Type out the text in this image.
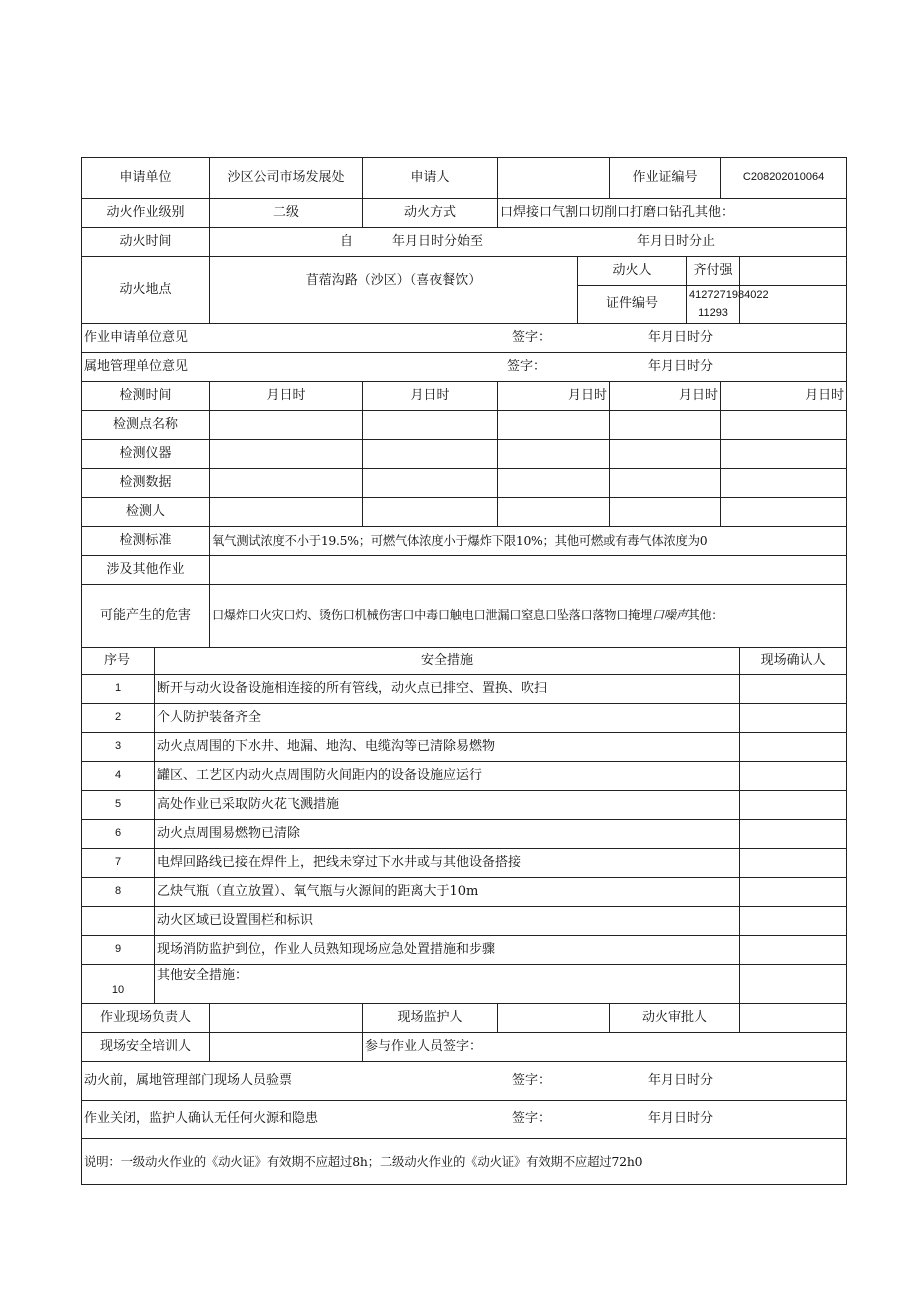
申请单位		沙区公司市场发展处	申请人			作业证编号		C208202010064	
动火作业级别		二级	动火方式	口焊接口气割口切削口打磨口钻孔其他：					
动火时间		自 年月日时分始至 年月日时分止							

动火地点		苜蓿沟路（沙区）（喜夜餐饮）			动火人		齐付强		
					证件编号		4127271984022
11293		

作业申请单位意见 签字： 年月日时分									

属地管理单位意见 签字： 年月日时分									

检测时间		月日时	月日时	月日时		月日时		月日时	
检测点名称									
检测仪器									
检测数据									
检测人									
检测标准		氧气测试浓度不小于19.5%；可燃气体浓度小于爆炸下限10%；其他可燃或有毒气体浓度为0							
涉及其他作业									
可能产生的危害		口爆炸口火灾口灼、烫伤口机械伤害口中毒口触电口泄漏口窒息口坠落口落物口掩埋口噪声其他：							
序号	安全措施								现场确认人
1	断开与动火设备设施相连接的所有管线，动火点已排空、置换、吹扫								
2	个人防护装备齐全								
3	动火点周围的下水井、地漏、地沟、电缆沟等已清除易燃物								
4	罐区、工艺区内动火点周围防火间距内的设备设施应运行								
5	高处作业已采取防火花飞溅措施								
6	动火点周围易燃物已清除								
7	电焊回路线已接在焊件上，把线未穿过下水井或与其他设备搭接								
8	乙炔气瓶（直立放置）、氧气瓶与火源间的距离大于10m								
	动火区域已设置围栏和标识								
9	现场消防监护到位，作业人员熟知现场应急处置措施和步骤								
10	其他安全措施：								
作业现场负责人			现场监护人			动火审批人			
现场安全培训人			参与作业人员签字：						

动火前，属地管理部门现场人员验票 签字： 年月日时分									

作业关闭，监护人确认无任何火源和隐患 签字： 年月日时分									

说明：一级动火作业的《动火证》有效期不应超过8h；二级动火作业的《动火证》有效期不应超过72h0									
